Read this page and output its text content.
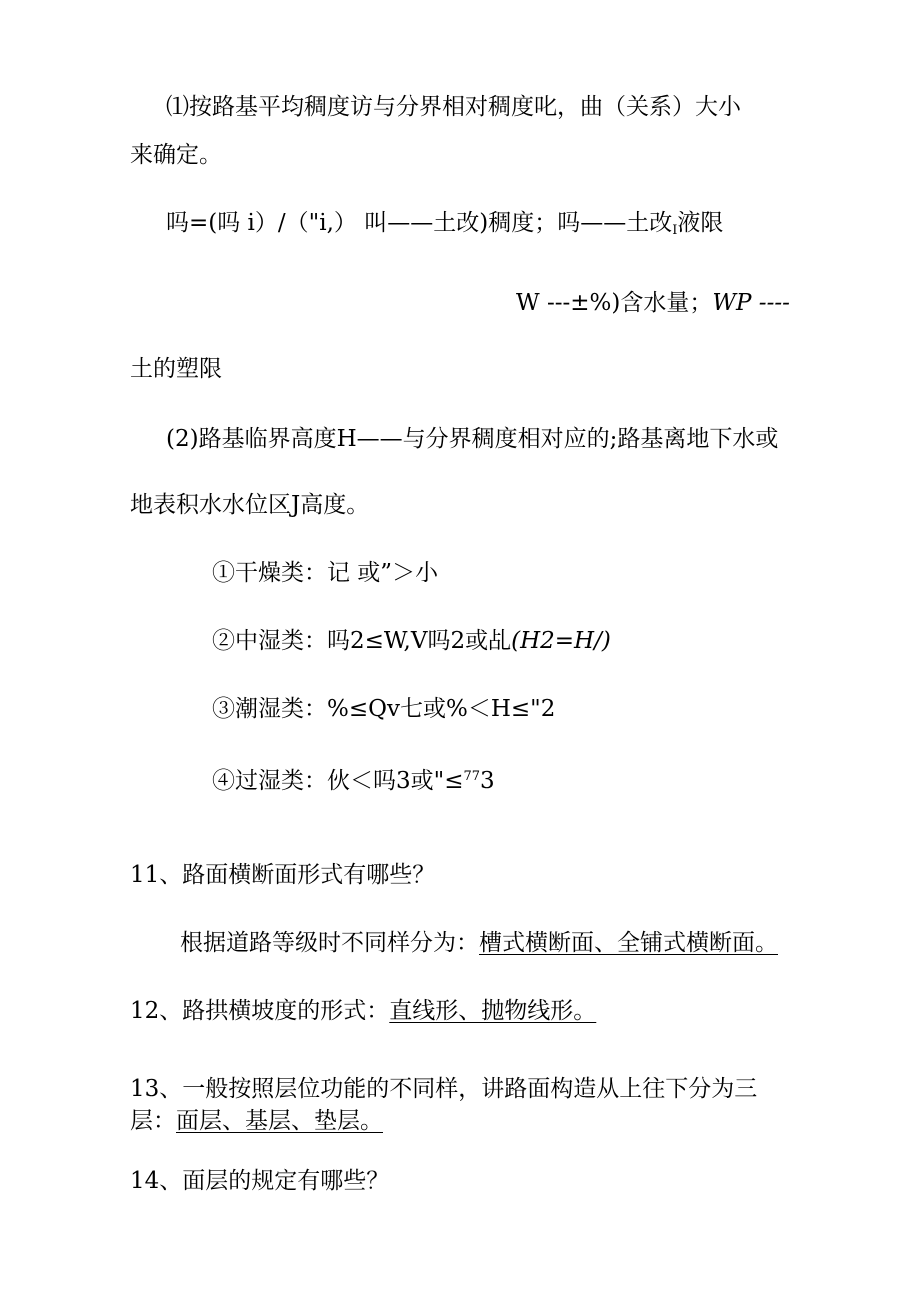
⑴按路基平均稠度访与分界相对稠度叱，曲（关系）大小
来确定。
吗=(吗 i）/（"i,） 叫——土改)稠度；吗——土改$_I$液限
W ---±%)含水量；WP ----
土的塑限
(2)路基临界高度H——与分界稠度相对应的;路基离地下水或
地表积水水位区J高度。
①干燥类：记 或”＞小
②中湿类：吗2≤W,V吗2或乩(H2=H/)
③潮湿类：%≤Qv七或%＜H≤"2
④过湿类：伙＜吗3或"≤$^{77}$3
11、路面横断面形式有哪些？
根据道路等级时不同样分为：槽式横断面、全铺式横断面。
12、路拱横坡度的形式：直线形、抛物线形。
13、一般按照层位功能的不同样，讲路面构造从上往下分为三
层：面层、基层、垫层。
14、面层的规定有哪些？
